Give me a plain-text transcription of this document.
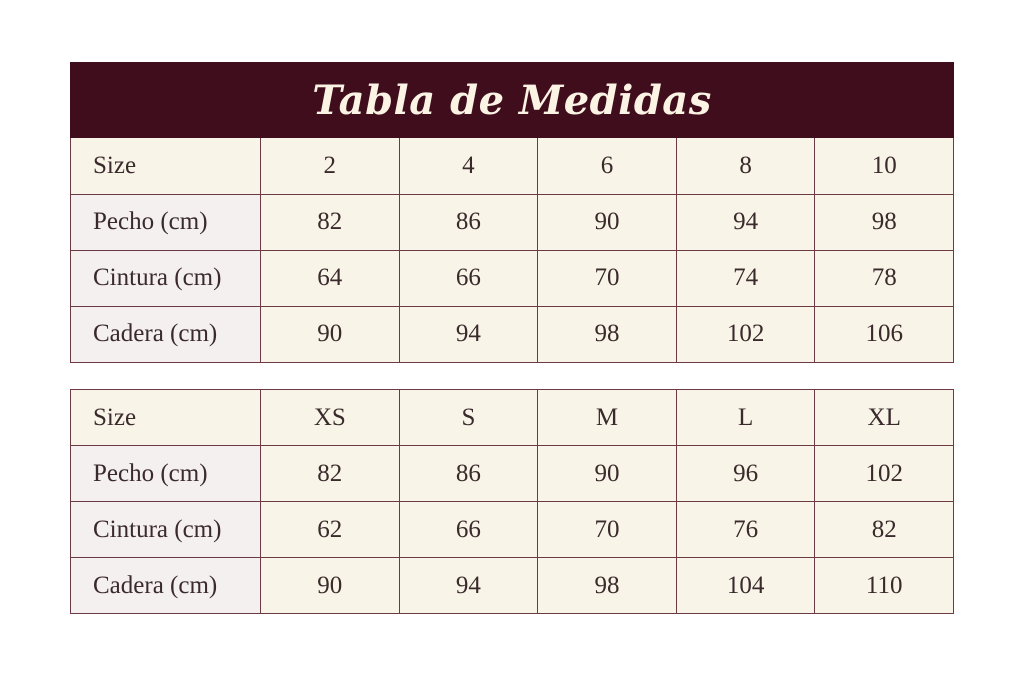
Tabla de Medidas
Size	2	4	6	8	10
Pecho (cm)	82	86	90	94	98
Cintura (cm)	64	66	70	74	78
Cadera (cm)	90	94	98	102	106
Size	XS	S	M	L	XL
Pecho (cm)	82	86	90	96	102
Cintura (cm)	62	66	70	76	82
Cadera (cm)	90	94	98	104	110
